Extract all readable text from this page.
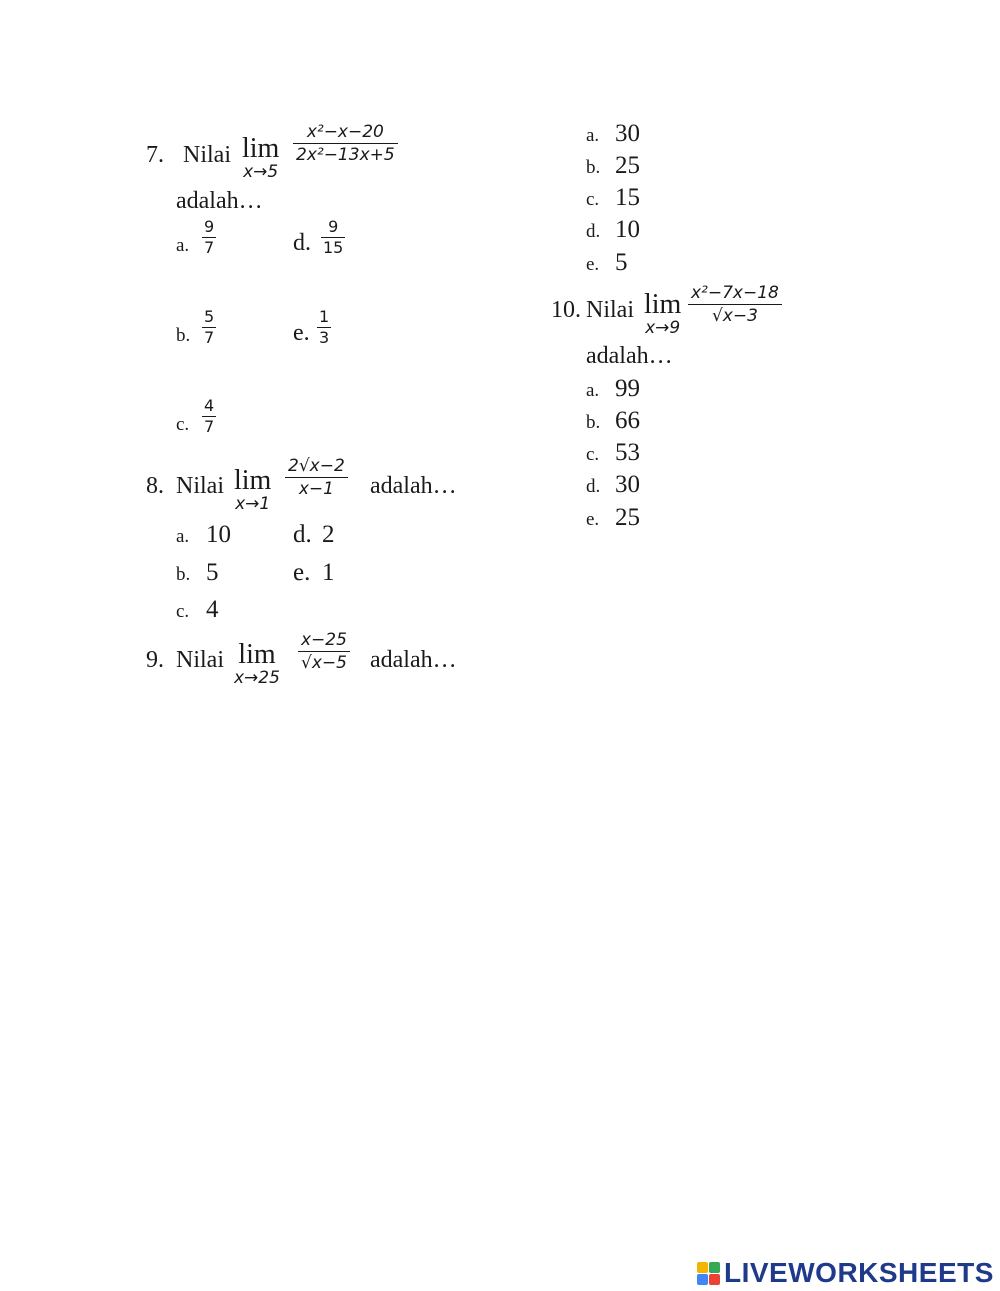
7. Nilai lim
x→5
x²−x−20
2x²−13x+5
adalah…
a.
9
7	d.
9
15
b.
5
7	e.
1
3
c.
4
7
8. Nilai lim
x→1
2√x−2
x−1 adalah…
a. 10 d. 2
b. 5	e. 1
c. 4
9. Nilai lim
x→25
x−25
√x−5 adalah…
a. 30
b. 25
c. 15
d. 10
e. 5
10. Nilai lim
x→9
x²−7x−18
√x−3
adalah…
a. 99
b. 66
c. 53
d. 30
e. 25
LIVEWORKSHEETS
